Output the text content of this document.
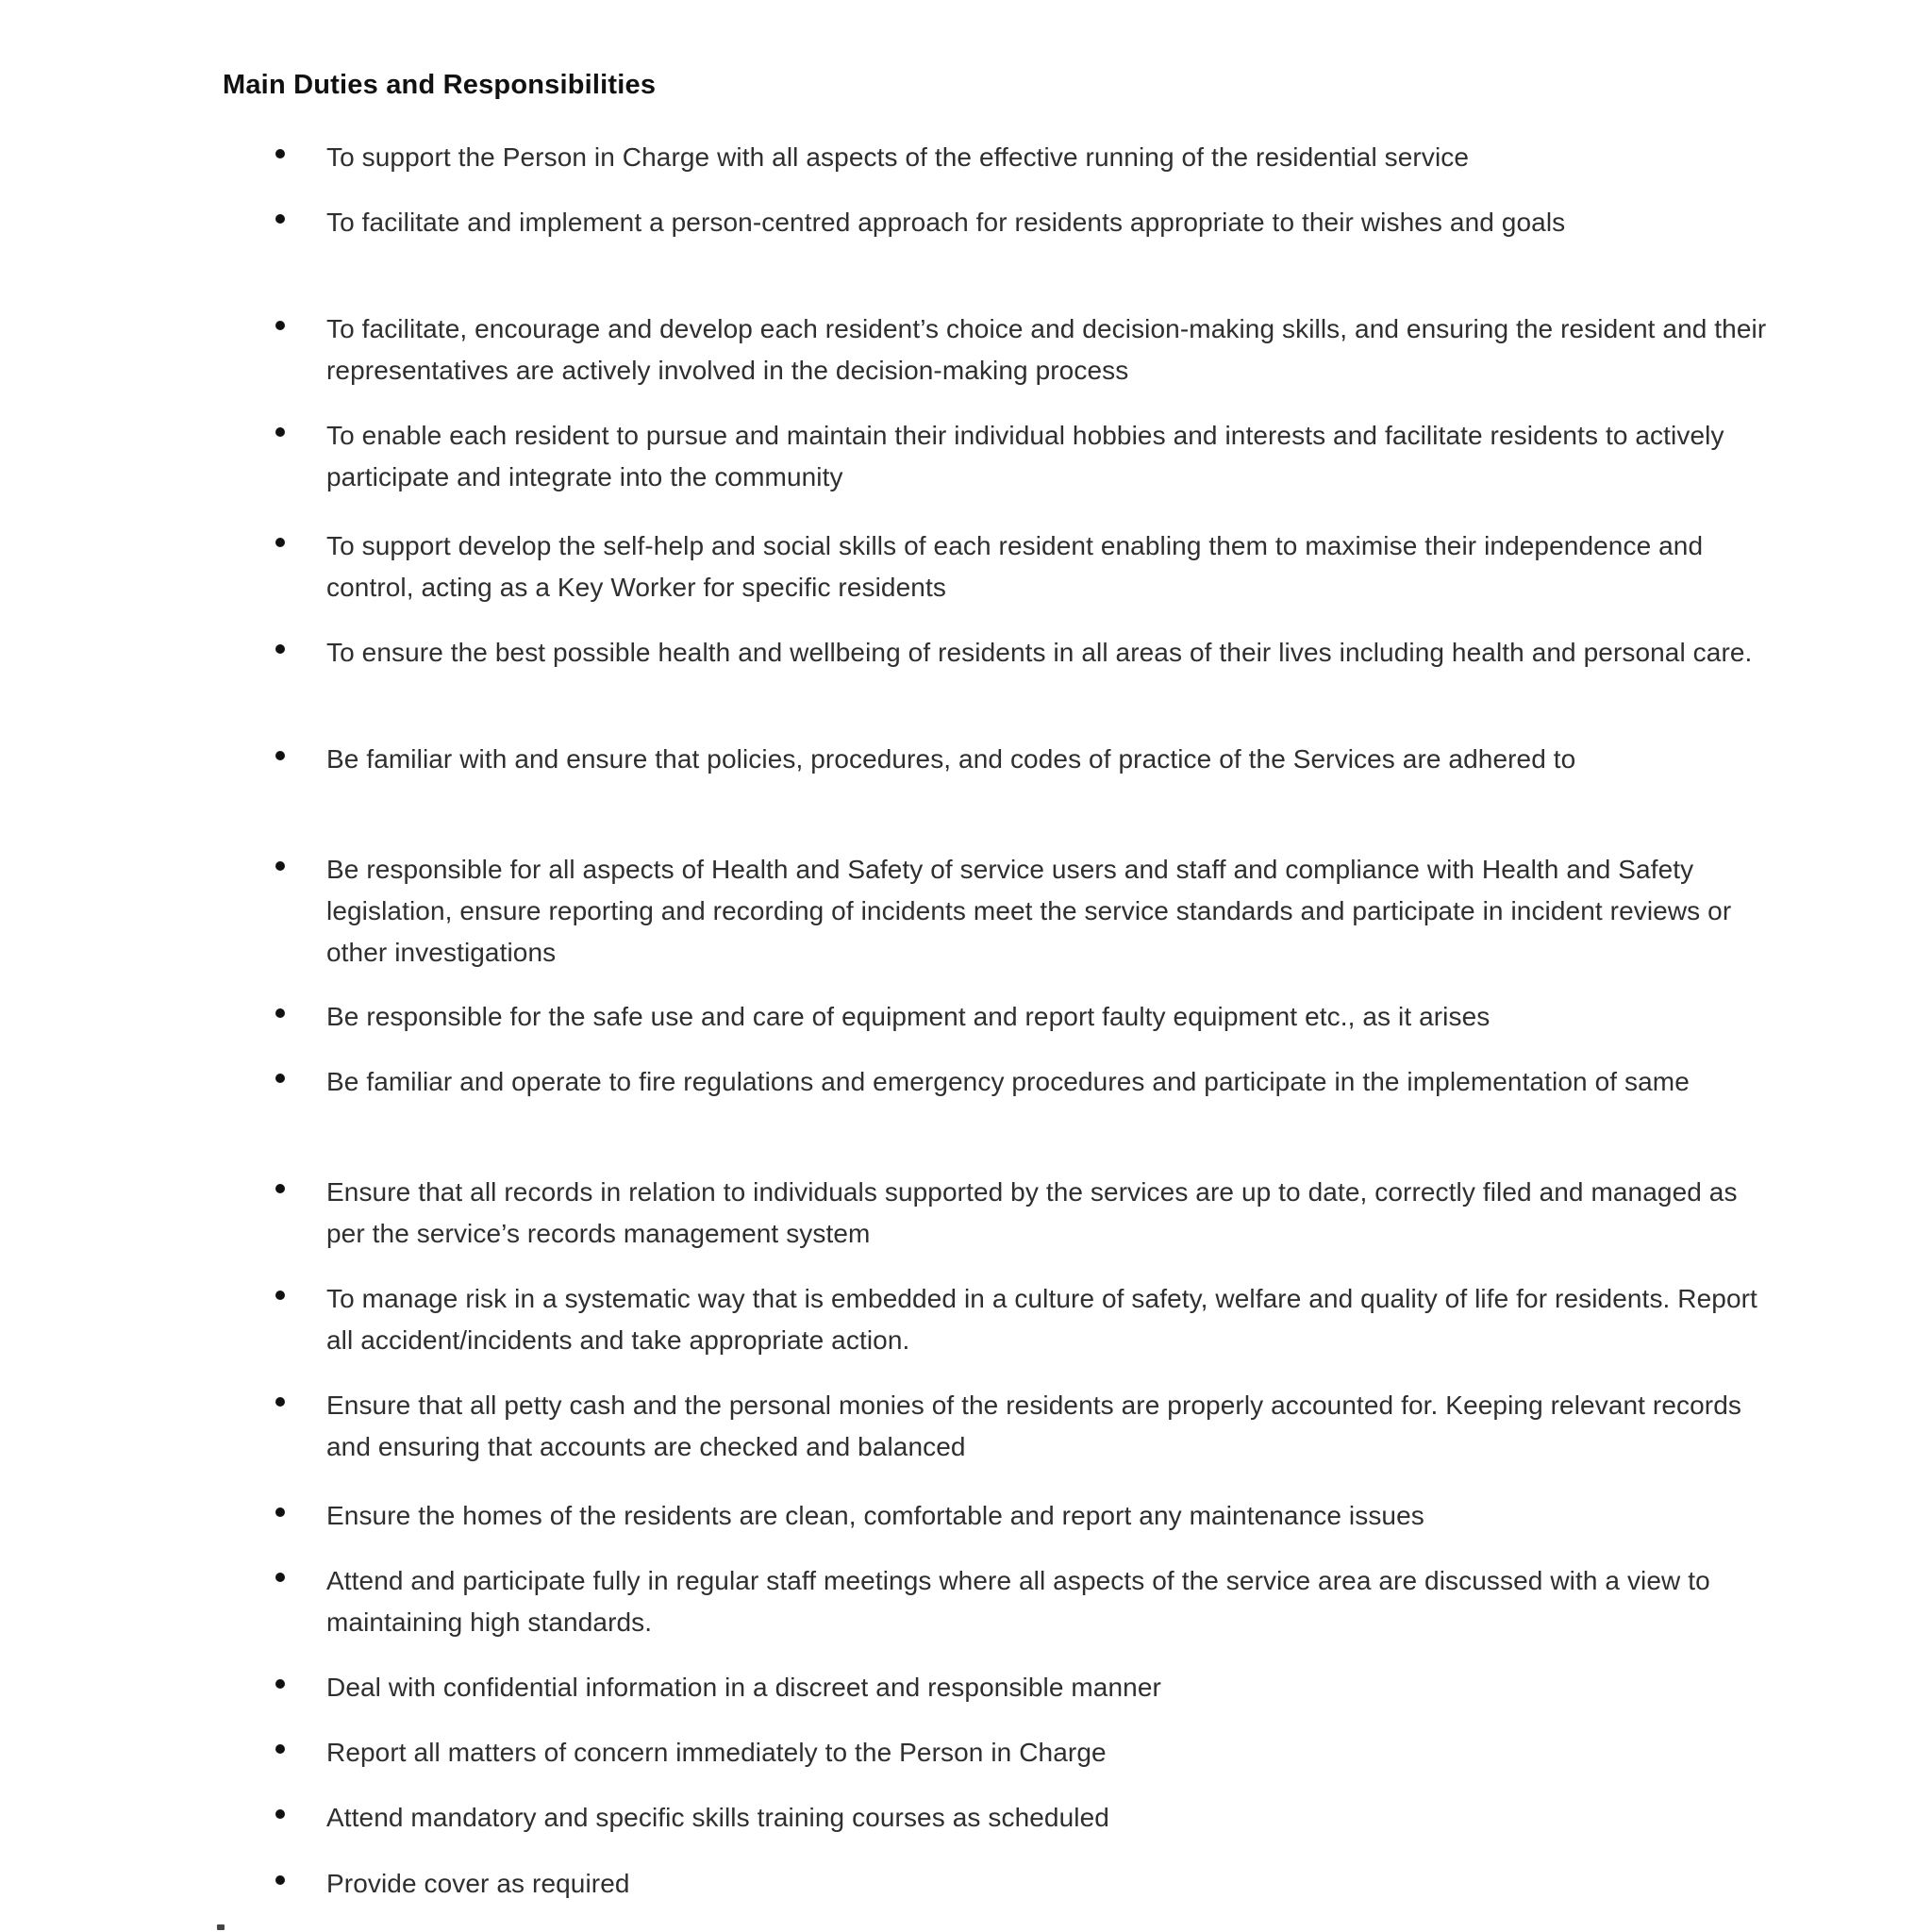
Main Duties and Responsibilities
To support the Person in Charge with all aspects of the effective running of the residential service
To facilitate and implement a person-centred approach for residents appropriate to their wishes and goals
To facilitate, encourage and develop each resident’s choice and decision-making skills, and ensuring the resident and their representatives are actively involved in the decision-making process
To enable each resident to pursue and maintain their individual hobbies and interests and facilitate residents to actively participate and integrate into the community
To support develop the self-help and social skills of each resident enabling them to maximise their independence and control, acting as a Key Worker for specific residents
To ensure the best possible health and wellbeing of residents in all areas of their lives including health and personal care.
Be familiar with and ensure that policies, procedures, and codes of practice of the Services are adhered to
Be responsible for all aspects of Health and Safety of service users and staff and compliance with Health and Safety legislation, ensure reporting and recording of incidents meet the service standards and participate in incident reviews or other investigations
Be responsible for the safe use and care of equipment and report faulty equipment etc., as it arises
Be familiar and operate to fire regulations and emergency procedures and participate in the implementation of same
Ensure that all records in relation to individuals supported by the services are up to date, correctly filed and managed as per the service’s records management system
To manage risk in a systematic way that is embedded in a culture of safety, welfare and quality of life for residents. Report all accident/incidents and take appropriate action.
Ensure that all petty cash and the personal monies of the residents are properly accounted for. Keeping relevant records and ensuring that accounts are checked and balanced
Ensure the homes of the residents are clean, comfortable and report any maintenance issues
Attend and participate fully in regular staff meetings where all aspects of the service area are discussed with a view to maintaining high standards.
Deal with confidential information in a discreet and responsible manner
Report all matters of concern immediately to the Person in Charge
Attend mandatory and specific skills training courses as scheduled
Provide cover as required
